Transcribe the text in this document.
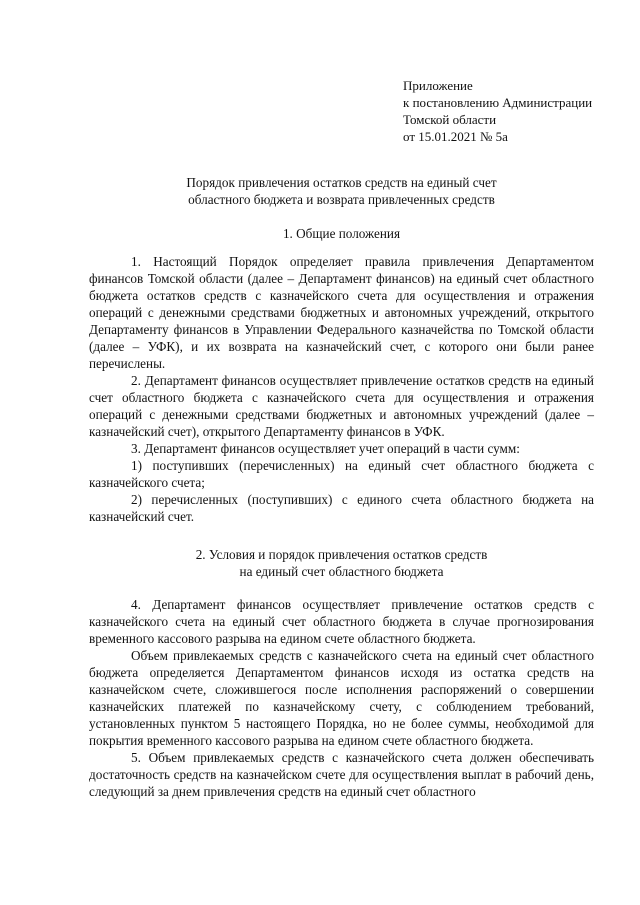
Приложение
к постановлению Администрации
Томской области
от 15.01.2021 № 5а
Порядок привлечения остатков средств на единый счет
областного бюджета и возврата привлеченных средств
1. Общие положения

1. Настоящий Порядок определяет правила привлечения Департаментом финансов Томской области (далее – Департамент финансов) на единый счет областного бюджета остатков средств с казначейского счета для осуществления и отражения операций с денежными средствами бюджетных и автономных учреждений, открытого Департаменту финансов в Управлении Федерального казначейства по Томской области (далее – УФК), и их возврата на казначейский счет, с которого они были ранее перечислены.

2. Департамент финансов осуществляет привлечение остатков средств на единый счет областного бюджета с казначейского счета для осуществления и отражения операций с денежными средствами бюджетных и автономных учреждений (далее – казначейский счет), открытого Департаменту финансов в УФК.

3. Департамент финансов осуществляет учет операций в части сумм:

1) поступивших (перечисленных) на единый счет областного бюджета с казначейского счета;

2) перечисленных (поступивших) с единого счета областного бюджета на казначейский счет.

2. Условия и порядок привлечения остатков средств
на единый счет областного бюджета

4. Департамент финансов осуществляет привлечение остатков средств с казначейского счета на единый счет областного бюджета в случае прогнозирования временного кассового разрыва на едином счете областного бюджета.

Объем привлекаемых средств с казначейского счета на единый счет областного бюджета определяется Департаментом финансов исходя из остатка средств на казначейском счете, сложившегося после исполнения распоряжений о совершении казначейских платежей по казначейскому счету, с соблюдением требований, установленных пунктом 5 настоящего Порядка, но не более суммы, необходимой для покрытия временного кассового разрыва на едином счете областного бюджета.

5. Объем привлекаемых средств с казначейского счета должен обеспечивать достаточность средств на казначейском счете для осуществления выплат в рабочий день, следующий за днем привлечения средств на единый счет областного
